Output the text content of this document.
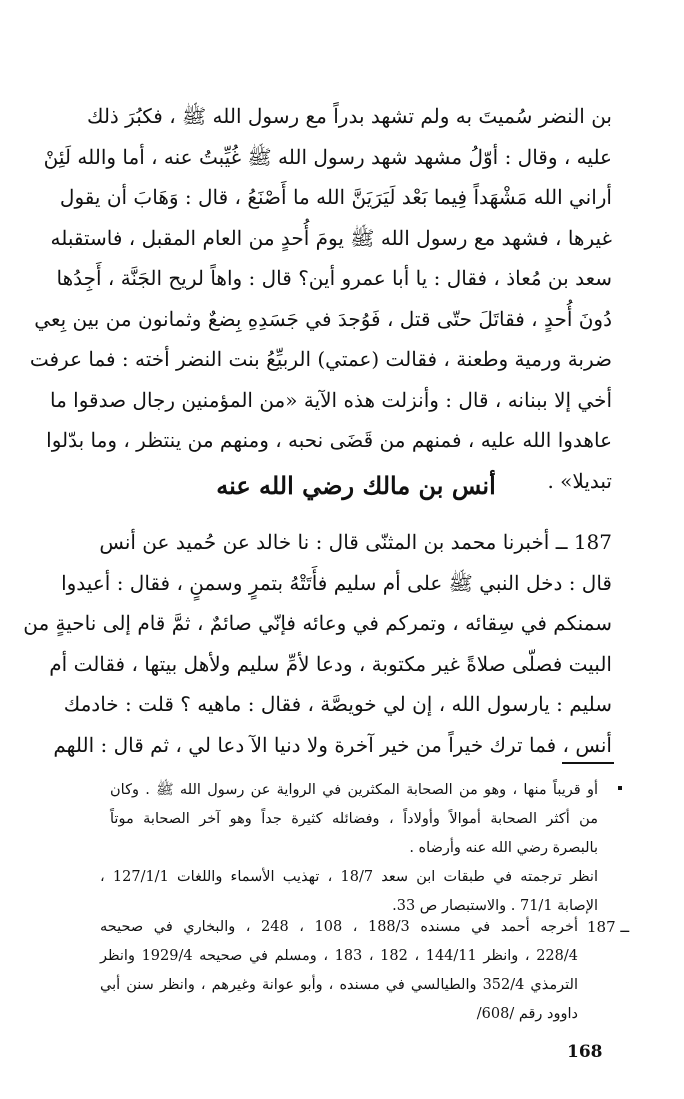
بن النضر سُميتَ به ولم تشهد بدراً مع رسول الله ﷺ ، فكبُرَ ذلك
عليه ، وقال : أوّلُ مشهد شهد رسول الله ﷺ غُيِّبتُ عنه ، أما والله لَئِنْ
أراني الله مَشْهَداً فِيما بَعْد لَيَرَيَنَّ الله ما أَصْنَعُ ، قال : وَهَابَ أن يقول
غيرها ، فشهد مع رسول الله ﷺ يومَ أُحدٍ من العام المقبل ، فاستقبله
سعد بن مُعاذ ، فقال : يا أبا عمرو أين؟ قال : واهاً لريح الجَنَّة ، أَجِدُها
دُونَ أُحدٍ ، فقاتَلَ حتّى قتل ، فَوُجدَ في جَسَدِهِ بِضعٌ وثمانون من بين بِعي
ضربة ورمية وطعنة ، فقالت (عمتي) الربيِّعُ بنت النضر أخته : فما عرفت
أخي إلا ببنانه ، قال : وأنزلت هذه الآية «من المؤمنين رجال صدقوا ما
عاهدوا الله عليه ، فمنهم من قَضَى نحبه ، ومنهم من ينتظر ، وما بدّلوا
تبديلا» .
أنس بن مالك رضي الله عنه
187 ــ أخبرنا محمد بن المثنّى قال : نا خالد عن حُميد عن أنس
قال : دخل النبي ﷺ على أم سليم فأَتَتْهُ بتمرٍ وسمنٍ ، فقال : أعيدوا
سمنكم في سِقائه ، وتمركم في وعائه فإنّي صائمٌ ، ثمَّ قام إلى ناحيةٍ من
البيت فصلّى صلاةً غير مكتوبة ، ودعا لأمِّ سليم ولأهل بيتها ، فقالت أم
سليم : يارسول الله ، إن لي خويصَّة ، فقال : ماهيه ؟ قلت : خادمك
أنس ، فما ترك خيراً من خير آخرة ولا دنيا الآ دعا لي ، ثم قال : اللهم
أو قريباً منها ، وهو من الصحابة المكثرين في الرواية عن رسول الله ﷺ . وكان
من أكثر الصحابة أموالاً وأولاداً ، وفضائله كثيرة جداً وهو آخر الصحابة موتاً
بالبصرة رضي الله عنه وأرضاه .
انظر ترجمته في طبقات ابن سعد 18/7 ، تهذيب الأسماء واللغات 127/1/1 ،
الإصابة 71/1 . والاستبصار ص 33.
187 ــ
أخرجه أحمد في مسنده 188/3 ، 108 ، 248 ، والبخاري في صحيحه
228/4 ، وانظر 144/11 ، 182 ، 183 ، ومسلم في صحيحه 1929/4 وانظر
الترمذي 352/4 والطيالسي في مسنده ، وأبو عوانة وغيرهم ، وانظر سنن أبي
داوود رقم /608/
168
